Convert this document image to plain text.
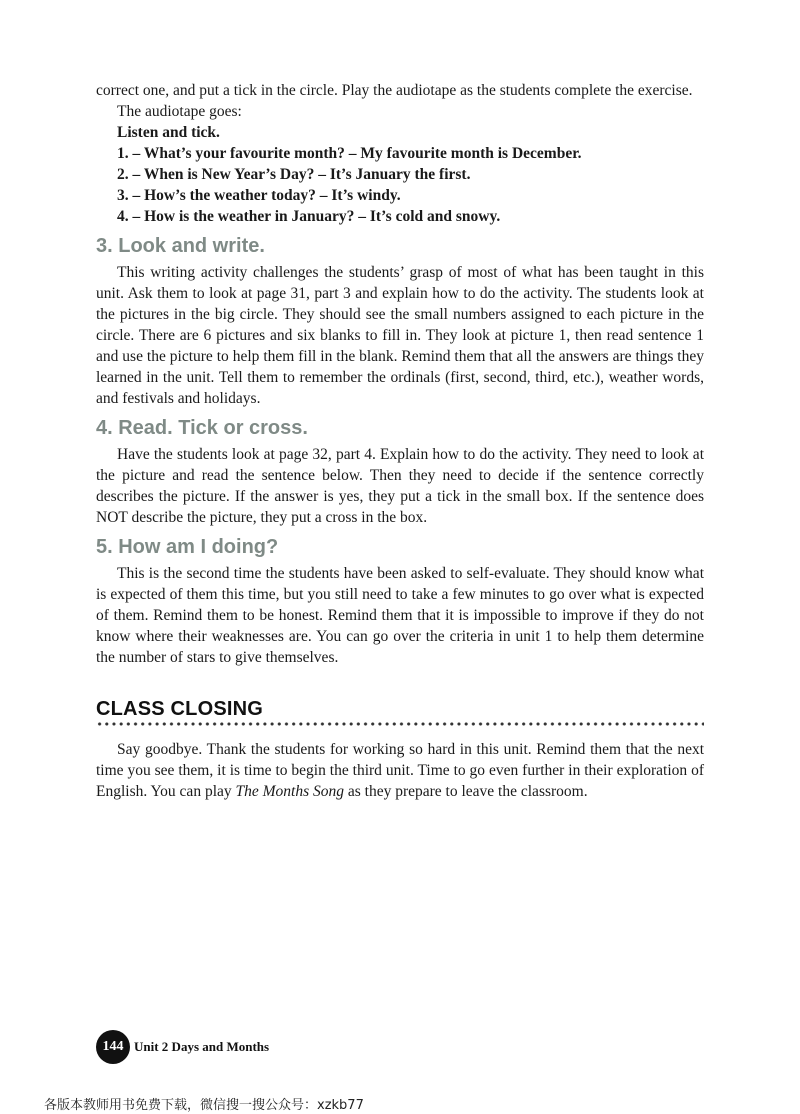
correct one, and put a tick in the circle. Play the audiotape as the students complete the exercise.

The audiotape goes:
Listen and tick.
1. – What’s your favourite month? – My favourite month is December.
2. – When is New Year’s Day? – It’s January the first.
3. – How’s the weather today? – It’s windy.
4. – How is the weather in January? – It’s cold and snowy.
3. Look and write.

This writing activity challenges the students’ grasp of most of what has been taught in this unit. Ask them to look at page 31, part 3 and explain how to do the activity. The students look at the pictures in the big circle. They should see the small numbers assigned to each picture in the circle. There are 6 pictures and six blanks to fill in. They look at picture 1, then read sentence 1 and use the picture to help them fill in the blank. Remind them that all the answers are things they learned in the unit. Tell them to remember the ordinals (first, second, third, etc.), weather words, and festivals and holidays.

4. Read. Tick or cross.

Have the students look at page 32, part 4. Explain how to do the activity. They need to look at the picture and read the sentence below. Then they need to decide if the sentence correctly describes the picture. If the answer is yes, they put a tick in the small box. If the sentence does NOT describe the picture, they put a cross in the box.

5. How am I doing?

This is the second time the students have been asked to self-evaluate. They should know what is expected of them this time, but you still need to take a few minutes to go over what is expected of them. Remind them to be honest. Remind them that it is impossible to improve if they do not know where their weaknesses are. You can go over the criteria in unit 1 to help them determine the number of stars to give themselves.

CLASS CLOSING

Say goodbye. Thank the students for working so hard in this unit. Remind them that the next time you see them, it is time to begin the third unit. Time to go even further in their exploration of English. You can play The Months Song as they prepare to leave the classroom.

144 Unit 2 Days and Months
各版本教师用书免费下载，微信搜一搜公众号：xzkb77
